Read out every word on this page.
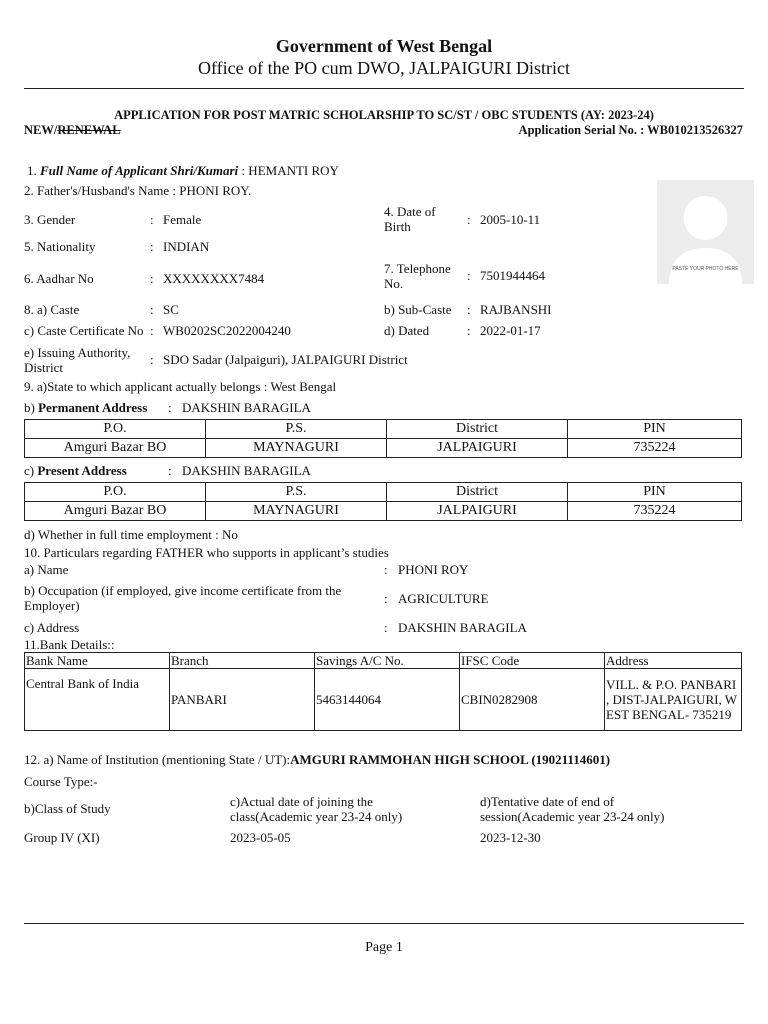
Government of West Bengal
Office of the PO cum DWO, JALPAIGURI District
APPLICATION FOR POST MATRIC SCHOLARSHIP TO SC/ST / OBC STUDENTS (AY: 2023-24)
NEW/RENEWAL	Application Serial No. : WB010213526327
1. Full Name of Applicant Shri/Kumari : HEMANTI ROY
2. Father's/Husband's Name : PHONI ROY.
3. Gender	: Female
4. Date of Birth	: 2005-10-11
5. Nationality	: INDIAN
6. Aadhar No	: XXXXXXXX7484
7. Telephone No.
: 7501944464
8. a) Caste	: SC	b) Sub-Caste : RAJBANSHI
c) Caste Certificate No : WB0202SC2022004240	d) Dated	: 2022-01-17
e) Issuing Authority, District
: SDO Sadar (Jalpaiguri), JALPAIGURI District
9. a)State to which applicant actually belongs : West Bengal
PASTE YOUR PHOTO HERE
b) Permanent Address : DAKSHIN BARAGILA
P.O.	P.S.	District	PIN
Amguri Bazar BO	MAYNAGURI	JALPAIGURI	735224
c) Present Address	: DAKSHIN BARAGILA
P.O.	P.S.	District	PIN
Amguri Bazar BO	MAYNAGURI	JALPAIGURI	735224
d) Whether in full time employment : No
10. Particulars regarding FATHER who supports in applicant’s studies
a) Name	: PHONI ROY
b) Occupation (if employed, give income certificate from the Employer)	: AGRICULTURE
c) Address	: DAKSHIN BARAGILA
11.Bank Details::
Bank Name	Branch	Savings A/C No.	IFSC Code	Address
Central Bank of India	PANBARI	5463144064	CBIN0282908	VILL. & P.O. PANBARI , DIST-JALPAIGURI, W EST BENGAL- 735219
12. a) Name of Institution (mentioning State / UT):AMGURI RAMMOHAN HIGH SCHOOL (19021114601)
Course Type:-
b)Class of Study	c)Actual date of joining the class(Academic year 23-24 only)
d)Tentative date of end of session(Academic year 23-24 only)
Group IV (XI)	2023-05-05	2023-12-30
Page 1
